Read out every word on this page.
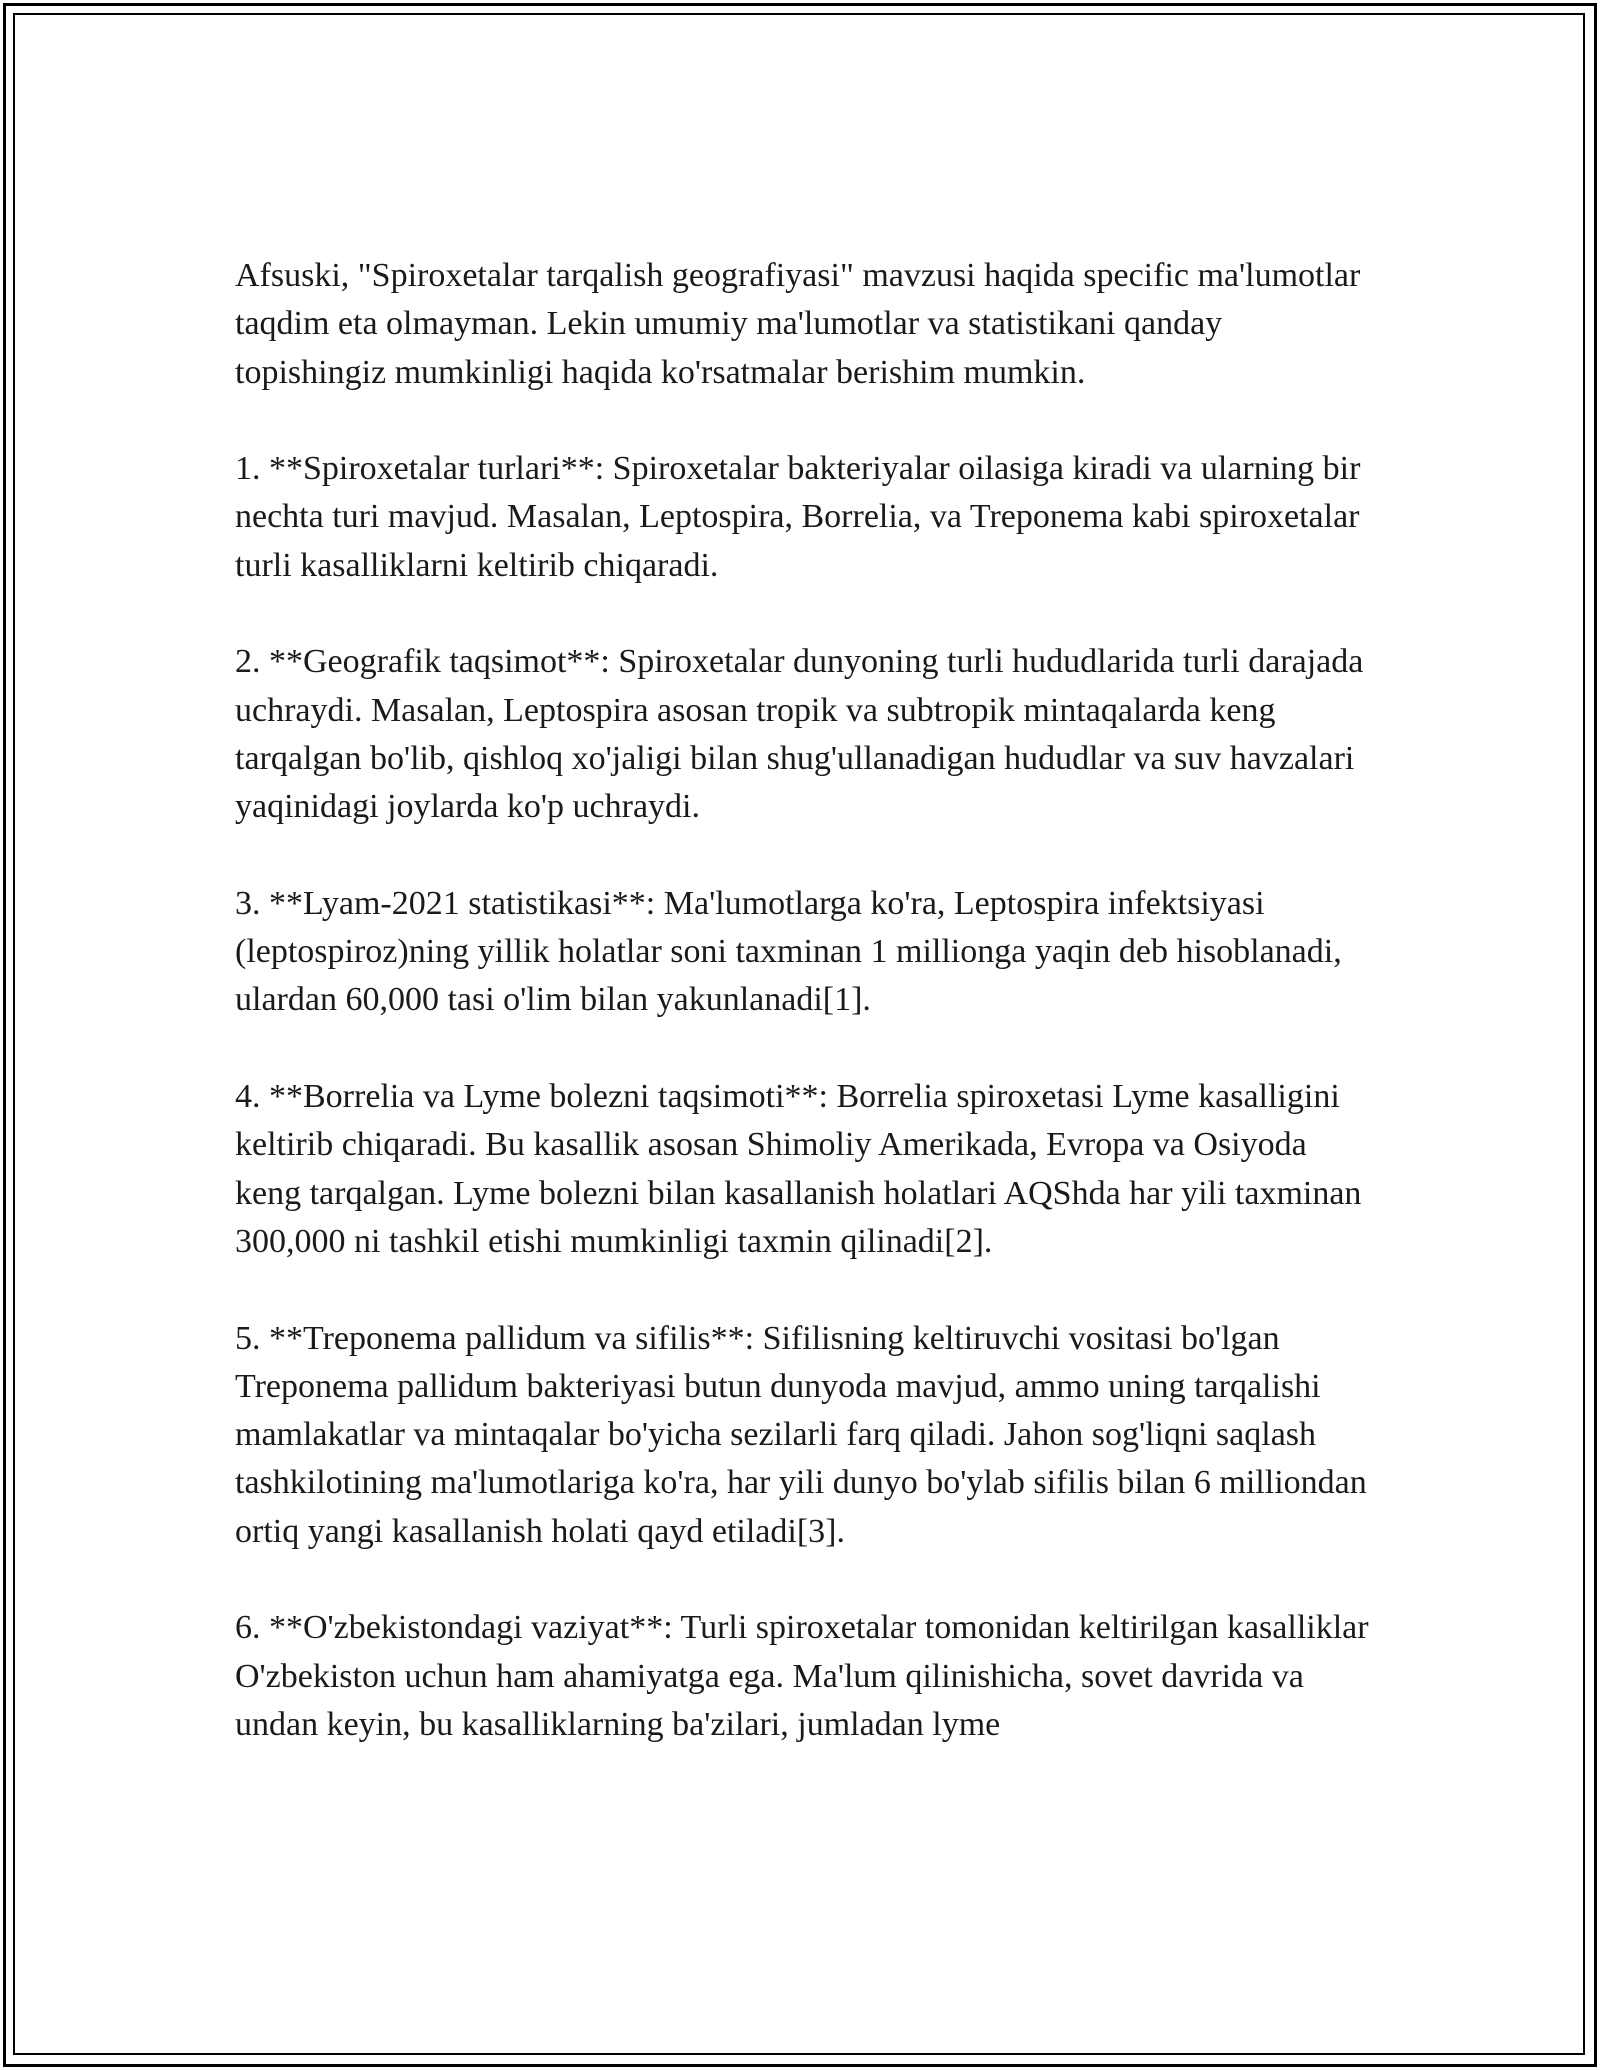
Afsuski, "Spiroxetalar tarqalish geografiyasi" mavzusi haqida specific ma'lumotlar taqdim eta olmayman. Lekin umumiy ma'lumotlar va statistikani qanday topishingiz mumkinligi haqida ko'rsatmalar berishim mumkin.

1. **Spiroxetalar turlari**: Spiroxetalar bakteriyalar oilasiga kiradi va ularning bir nechta turi mavjud. Masalan, Leptospira, Borrelia, va Treponema kabi spiroxetalar turli kasalliklarni keltirib chiqaradi.

2. **Geografik taqsimot**: Spiroxetalar dunyoning turli hududlarida turli darajada uchraydi. Masalan, Leptospira asosan tropik va subtropik mintaqalarda keng tarqalgan bo'lib, qishloq xo'jaligi bilan shug'ullanadigan hududlar va suv havzalari yaqinidagi joylarda ko'p uchraydi.

3. **Lyam-2021 statistikasi**: Ma'lumotlarga ko'ra, Leptospira infektsiyasi (leptospiroz)ning yillik holatlar soni taxminan 1 millionga yaqin deb hisoblanadi, ulardan 60,000 tasi o'lim bilan yakunlanadi[1].

4. **Borrelia va Lyme bolezni taqsimoti**: Borrelia spiroxetasi Lyme kasalligini keltirib chiqaradi. Bu kasallik asosan Shimoliy Amerikada, Evropa va Osiyoda keng tarqalgan. Lyme bolezni bilan kasallanish holatlari AQShda har yili taxminan 300,000 ni tashkil etishi mumkinligi taxmin qilinadi[2].

5. **Treponema pallidum va sifilis**: Sifilisning keltiruvchi vositasi bo'lgan Treponema pallidum bakteriyasi butun dunyoda mavjud, ammo uning tarqalishi mamlakatlar va mintaqalar bo'yicha sezilarli farq qiladi. Jahon sog'liqni saqlash tashkilotining ma'lumotlariga ko'ra, har yili dunyo bo'ylab sifilis bilan 6 milliondan ortiq yangi kasallanish holati qayd etiladi[3].

6. **O'zbekistondagi vaziyat**: Turli spiroxetalar tomonidan keltirilgan kasalliklar O'zbekiston uchun ham ahamiyatga ega. Ma'lum qilinishicha, sovet davrida va undan keyin, bu kasalliklarning ba'zilari, jumladan lyme
